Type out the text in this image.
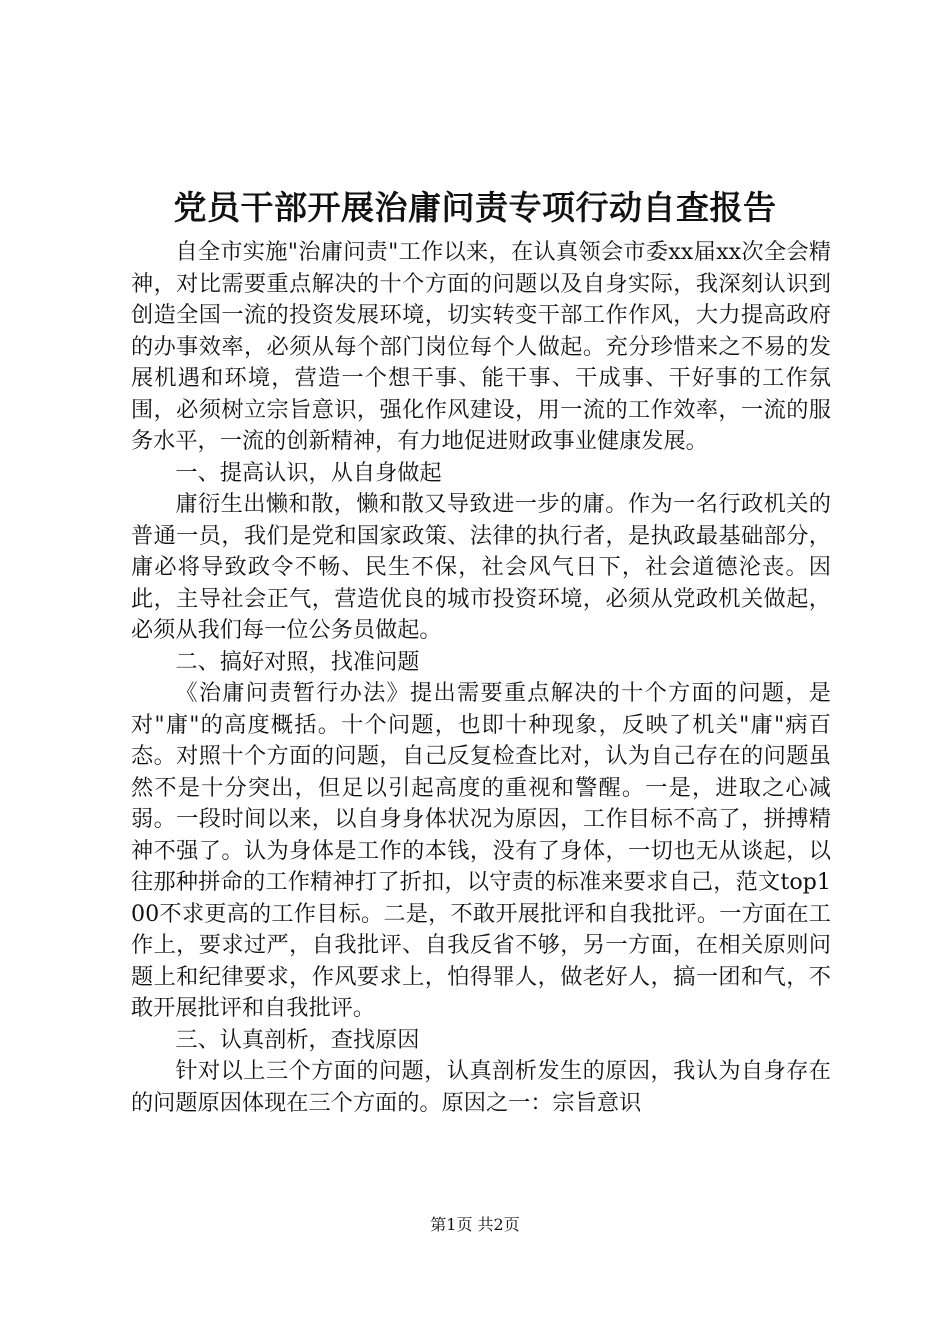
党员干部开展治庸问责专项行动自查报告

自全市实施"治庸问责"工作以来，在认真领会市委xx届xx次全会精神，对比需要重点解决的十个方面的问题以及自身实际，我深刻认识到创造全国一流的投资发展环境，切实转变干部工作作风，大力提高政府的办事效率，必须从每个部门岗位每个人做起。充分珍惜来之不易的发展机遇和环境，营造一个想干事、能干事、干成事、干好事的工作氛围，必须树立宗旨意识，强化作风建设，用一流的工作效率，一流的服务水平，一流的创新精神，有力地促进财政事业健康发展。

一、提高认识，从自身做起

庸衍生出懒和散，懒和散又导致进一步的庸。作为一名行政机关的普通一员，我们是党和国家政策、法律的执行者，是执政最基础部分，庸必将导致政令不畅、民生不保，社会风气日下，社会道德沦丧。因此，主导社会正气，营造优良的城市投资环境，必须从党政机关做起，必须从我们每一位公务员做起。

二、搞好对照，找准问题

《治庸问责暂行办法》提出需要重点解决的十个方面的问题，是对"庸"的高度概括。十个问题，也即十种现象，反映了机关"庸"病百态。对照十个方面的问题，自己反复检查比对，认为自己存在的问题虽然不是十分突出，但足以引起高度的重视和警醒。一是，进取之心减弱。一段时间以来，以自身身体状况为原因，工作目标不高了，拼搏精神不强了。认为身体是工作的本钱，没有了身体，一切也无从谈起，以往那种拼命的工作精神打了折扣，以守责的标准来要求自己，范文top100不求更高的工作目标。二是，不敢开展批评和自我批评。一方面在工作上，要求过严，自我批评、自我反省不够，另一方面，在相关原则问题上和纪律要求，作风要求上，怕得罪人，做老好人，搞一团和气，不敢开展批评和自我批评。

三、认真剖析，查找原因

针对以上三个方面的问题，认真剖析发生的原因，我认为自身存在的问题原因体现在三个方面的。原因之一：宗旨意识

第1页 共2页
